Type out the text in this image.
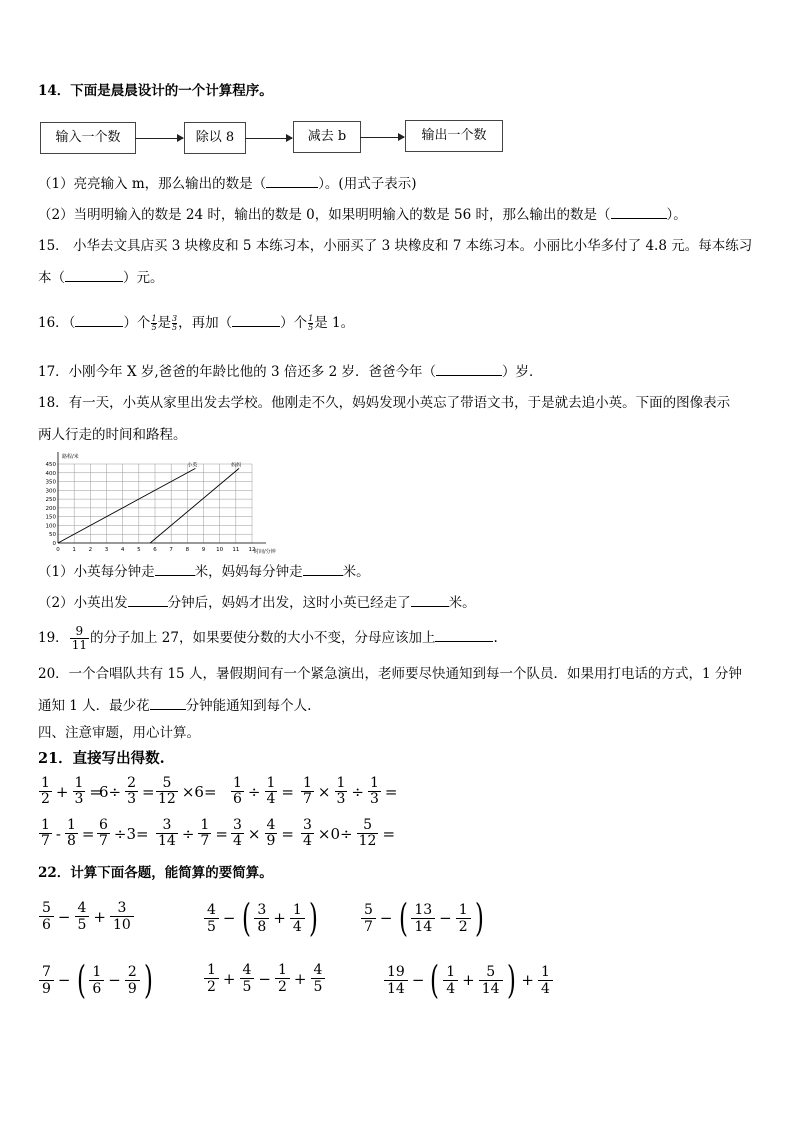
14．下面是晨晨设计的一个计算程序。
输入一个数	除以 8	减去 b	输出一个数
（1）亮亮输入 m，那么输出的数是（	）。(用式子表示)
（2）当明明输入的数是 24 时，输出的数是 0，如果明明输入的数是 56 时，那么输出的数是（	）。
15． 小华去文具店买 3 块橡皮和 5 本练习本，小丽买了 3 块橡皮和 7 本练习本。小丽比小华多付了 4.8 元。每本练习
本（	）元。
16．（	）个 $\frac{1}{5}$ 是 $\frac{3}{5}$ ，再加（	）个 $\frac{1}{5}$ 是 1。
17．小刚今年 X 岁,爸爸的年龄比他的 3 倍还多 2 岁．爸爸今年（	）岁．
18．有一天，小英从家里出发去学校。他刚走不久，妈妈发现小英忘了带语文书，于是就去追小英。下面的图像表示
两人行走的时间和路程。
0 1 2 3 4 5 6 7 8 9 10 11 12
0
50
100
150
200
250
300
350
400
450
路程/米
时间/分钟
小英	妈妈
（1）小英每分钟走	米，妈妈每分钟走	米。
（2）小英出发	分钟后，妈妈才出发，这时小英已经走了	米。
19． $\frac{9}{11}$ 的分子加上 27，如果要使分数的大小不变，分母应该加上	.
20．一个合唱队共有 15 人，暑假期间有一个紧急演出，老师要尽快通知到每一个队员．如果用打电话的方式，1 分钟
通知 1 人．最少花	分钟能通知到每个人.
四、注意审题，用心计算。
21．直接写出得数.
$\frac{1}{2} + \frac{1}{3}$ =
$6\div \frac{2}{3} = \frac{5}{12} \times 6= \frac{1}{6} \div \frac{1}{4} = \frac{1}{7} \times \frac{1}{3} \div \frac{1}{3}$ =
$\frac{1}{7} - \frac{1}{8} = \frac{6}{7} \div 3= \frac{3}{14} \div \frac{1}{7} = \frac{3}{4} \times \frac{4}{9} = \frac{3}{4} \times 0\div \frac{5}{12}$ =
22．计算下面各题，能简算的要简算。
5
$6 - \frac{4}{5} + \frac{3}{10}$	4
5 − ( 3
$8 + \frac{1}{4}$ )	5
7 − ( 13
$14 - \frac{1}{2}$ )
7
9 − ( 1
$6 - \frac{2}{9}$ )	1
$2 + \frac{4}{5} - \frac{1}{2} + \frac{4}{5}$	19
14 − ( 1
$4 + \frac{5}{14}$ ) + $\frac{1}{4}$
